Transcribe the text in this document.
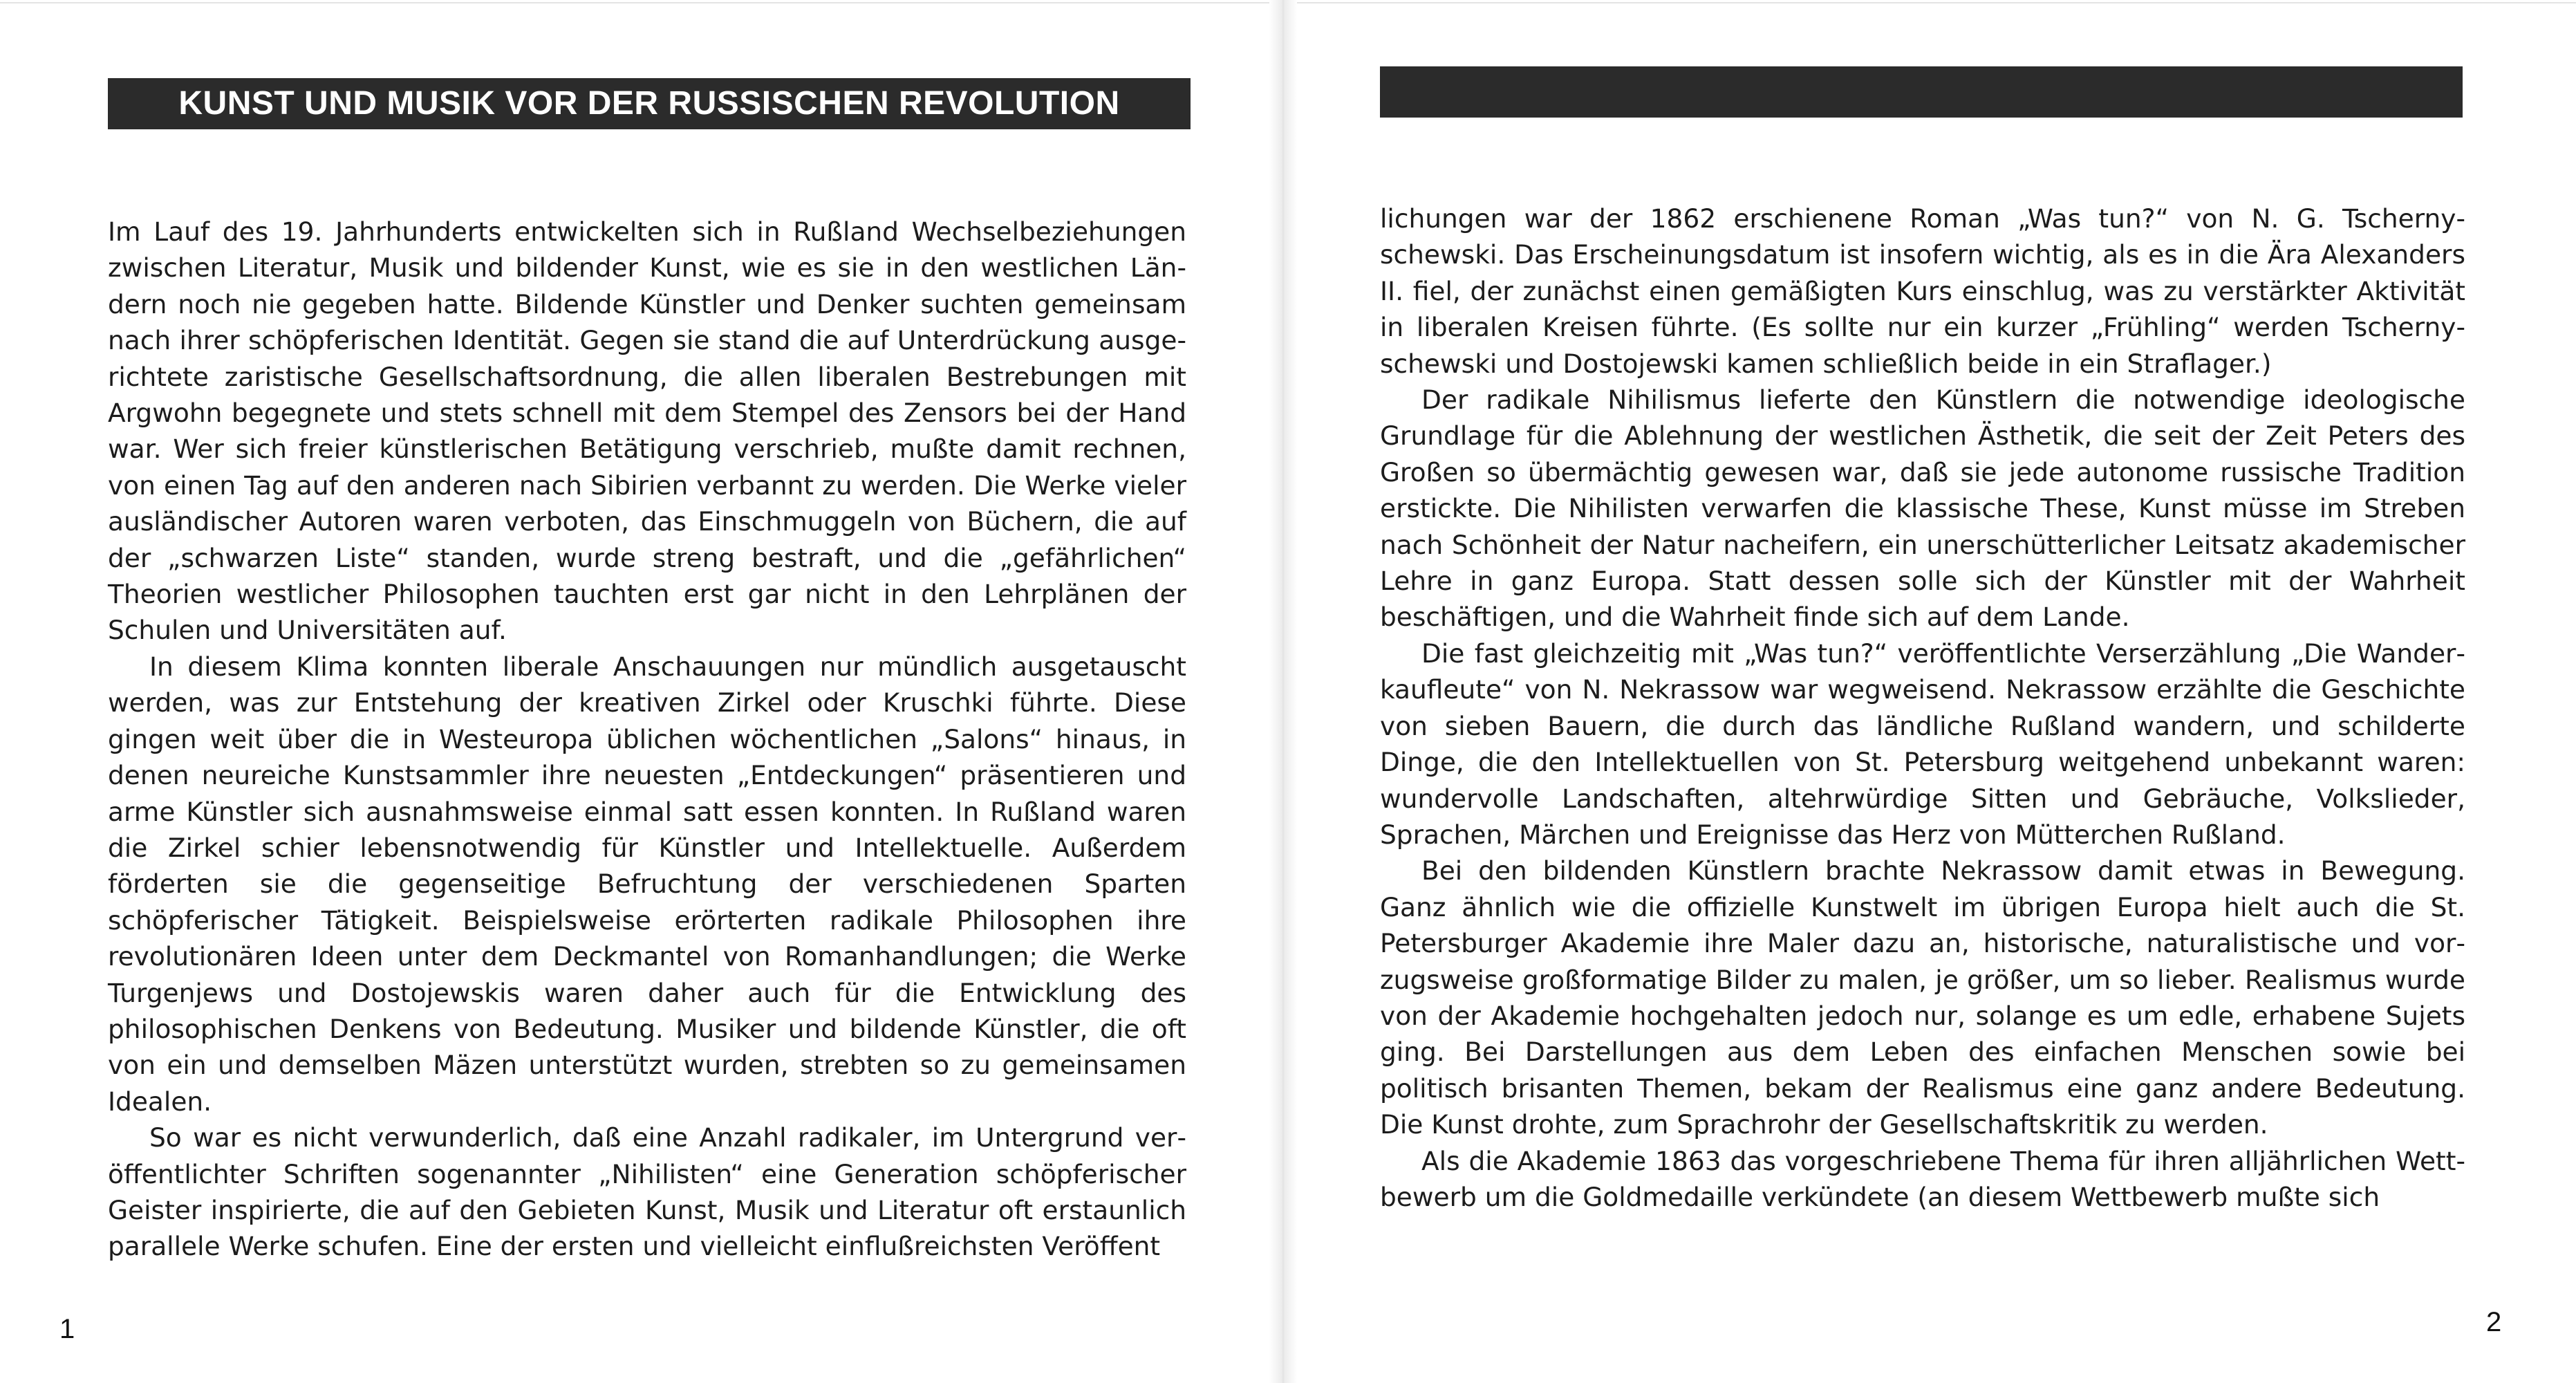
KUNST UND MUSIK VOR DER RUSSISCHEN REVOLUTION

Im Lauf des 19. Jahrhunderts entwickelten sich in Rußland Wechselbeziehungen zwischen Literatur, Musik und bildender Kunst, wie es sie in den westlichen Ländern noch nie gegeben hatte. Bildende Künstler und Denker suchten gemeinsam nach ihrer schöpferischen Identität. Gegen sie stand die auf Unterdrückung ausgerichtete zaristische Gesellschaftsordnung, die allen liberalen Bestrebungen mit Argwohn begegnete und stets schnell mit dem Stempel des Zensors bei der Hand war. Wer sich freier künstlerischen Betätigung verschrieb, mußte damit rechnen, von einen Tag auf den anderen nach Sibirien verbannt zu werden. Die Werke vieler ausländischer Autoren waren verboten, das Einschmuggeln von Büchern, die auf der „schwarzen Liste“ standen, wurde streng bestraft, und die „gefährlichen“ Theorien westlicher Philosophen tauchten erst gar nicht in den Lehrplänen der Schulen und Universitäten auf.

In diesem Klima konnten liberale Anschauungen nur mündlich ausgetauscht werden, was zur Entstehung der kreativen Zirkel oder Kruschki führte. Diese gingen weit über die in Westeuropa üblichen wöchentlichen „Salons“ hinaus, in denen neureiche Kunstsammler ihre neuesten „Entdeckungen“ präsentieren und arme Künstler sich ausnahmsweise einmal satt essen konnten. In Rußland waren die Zirkel schier lebensnotwendig für Künstler und Intellektuelle. Außerdem förderten sie die gegenseitige Befruchtung der verschiedenen Sparten schöpferischer Tätigkeit. Beispielsweise erörterten radikale Philosophen ihre revolutionären Ideen unter dem Deckmantel von Romanhandlungen; die Werke Turgenjews und Dostojewskis waren daher auch für die Entwicklung des philosophischen Denkens von Bedeutung. Musiker und bildende Künstler, die oft von ein und demselben Mäzen unterstützt wurden, strebten so zu gemeinsamen Idealen.

So war es nicht verwunderlich, daß eine Anzahl radikaler, im Untergrund veröffentlichter Schriften sogenannter „Nihilisten“ eine Generation schöpferischer Geister inspirierte, die auf den Gebieten Kunst, Musik und Literatur oft erstaunlich parallele Werke schufen. Eine der ersten und vielleicht einflußreichsten Veröffent

1

lichungen war der 1862 erschienene Roman „Was tun?“ von N. G. Tschernyschewski. Das Erscheinungsdatum ist insofern wichtig, als es in die Ära Alexanders II. fiel, der zunächst einen gemäßigten Kurs einschlug, was zu verstärkter Aktivität in liberalen Kreisen führte. (Es sollte nur ein kurzer „Frühling“ werden Tschernyschewski und Dostojewski kamen schließlich beide in ein Straflager.)

Der radikale Nihilismus lieferte den Künstlern die notwendige ideologische Grundlage für die Ablehnung der westlichen Ästhetik, die seit der Zeit Peters des Großen so übermächtig gewesen war, daß sie jede autonome russische Tradition erstickte. Die Nihilisten verwarfen die klassische These, Kunst müsse im Streben nach Schönheit der Natur nacheifern, ein unerschütterlicher Leitsatz akademischer Lehre in ganz Europa. Statt dessen solle sich der Künstler mit der Wahrheit beschäftigen, und die Wahrheit finde sich auf dem Lande.

Die fast gleichzeitig mit „Was tun?“ veröffentlichte Verserzählung „Die Wanderkaufleute“ von N. Nekrassow war wegweisend. Nekrassow erzählte die Geschichte von sieben Bauern, die durch das ländliche Rußland wandern, und schilderte Dinge, die den Intellektuellen von St. Petersburg weitgehend unbekannt waren: wundervolle Landschaften, altehrwürdige Sitten und Gebräuche, Volkslieder, Sprachen, Märchen und Ereignisse das Herz von Mütterchen Rußland.

Bei den bildenden Künstlern brachte Nekrassow damit etwas in Bewegung. Ganz ähnlich wie die offizielle Kunstwelt im übrigen Europa hielt auch die St. Petersburger Akademie ihre Maler dazu an, historische, naturalistische und vorzugsweise großformatige Bilder zu malen, je größer, um so lieber. Realismus wurde von der Akademie hochgehalten jedoch nur, solange es um edle, erhabene Sujets ging. Bei Darstellungen aus dem Leben des einfachen Menschen sowie bei politisch brisanten Themen, bekam der Realismus eine ganz andere Bedeutung. Die Kunst drohte, zum Sprachrohr der Gesellschaftskritik zu werden.

Als die Akademie 1863 das vorgeschriebene Thema für ihren alljährlichen Wettbewerb um die Goldmedaille verkündete (an diesem Wettbewerb mußte sich

2
